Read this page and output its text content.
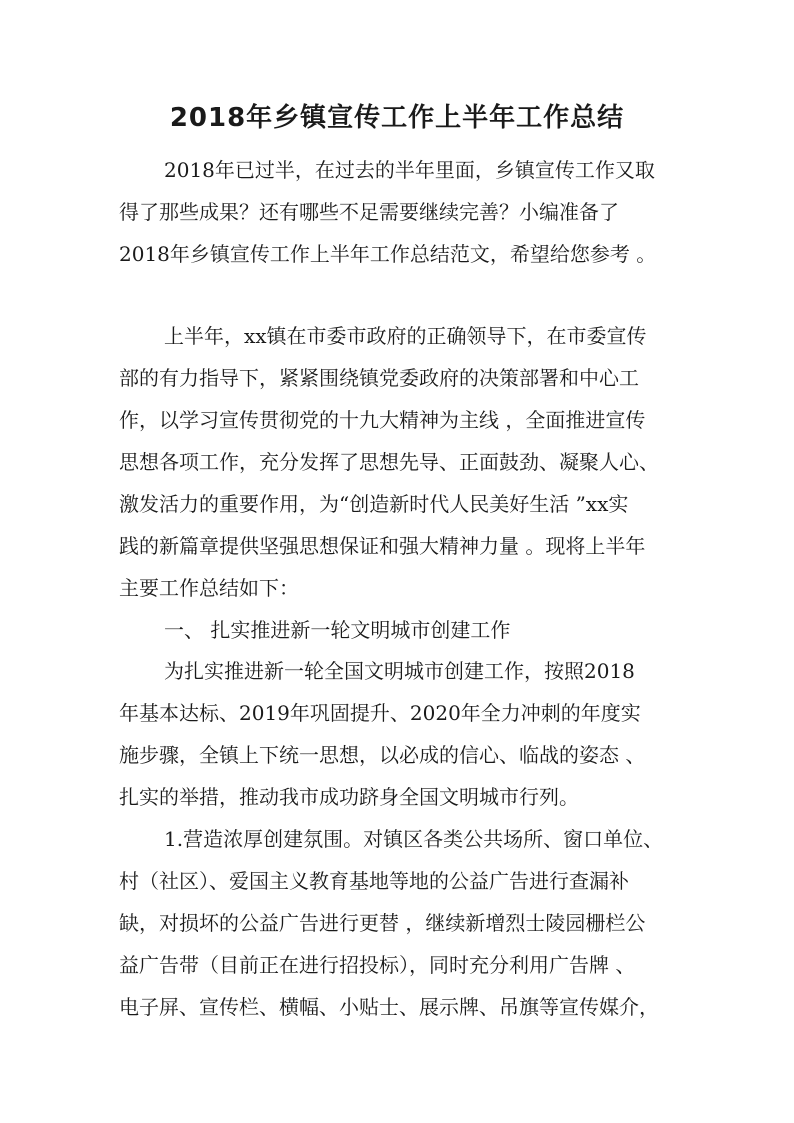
2018年乡镇宣传工作上半年工作总结

2018年已过半，在过去的半年里面，乡镇宣传工作又取

得了那些成果？还有哪些不足需要继续完善？小编准备了

2018年乡镇宣传工作上半年工作总结范文，希望给您参考 。

上半年，xx镇在市委市政府的正确领导下，在市委宣传

部的有力指导下，紧紧围绕镇党委政府的决策部署和中心工

作，以学习宣传贯彻党的十九大精神为主线 ，全面推进宣传

思想各项工作，充分发挥了思想先导、正面鼓劲、凝聚人心、

激发活力的重要作用，为“创造新时代人民美好生活 ”xx实

践的新篇章提供坚强思想保证和强大精神力量 。现将上半年

主要工作总结如下：

一、 扎实推进新一轮文明城市创建工作

为扎实推进新一轮全国文明城市创建工作，按照2018

年基本达标、2019年巩固提升、2020年全力冲刺的年度实

施步骤，全镇上下统一思想，以必成的信心、临战的姿态 、

扎实的举措，推动我市成功跻身全国文明城市行列。

1.营造浓厚创建氛围。对镇区各类公共场所、窗口单位、

村（社区）、爱国主义教育基地等地的公益广告进行查漏补

缺，对损坏的公益广告进行更替 ，继续新增烈士陵园栅栏公

益广告带（目前正在进行招投标），同时充分利用广告牌 、

电子屏、宣传栏、横幅、小贴士、展示牌、吊旗等宣传媒介，
